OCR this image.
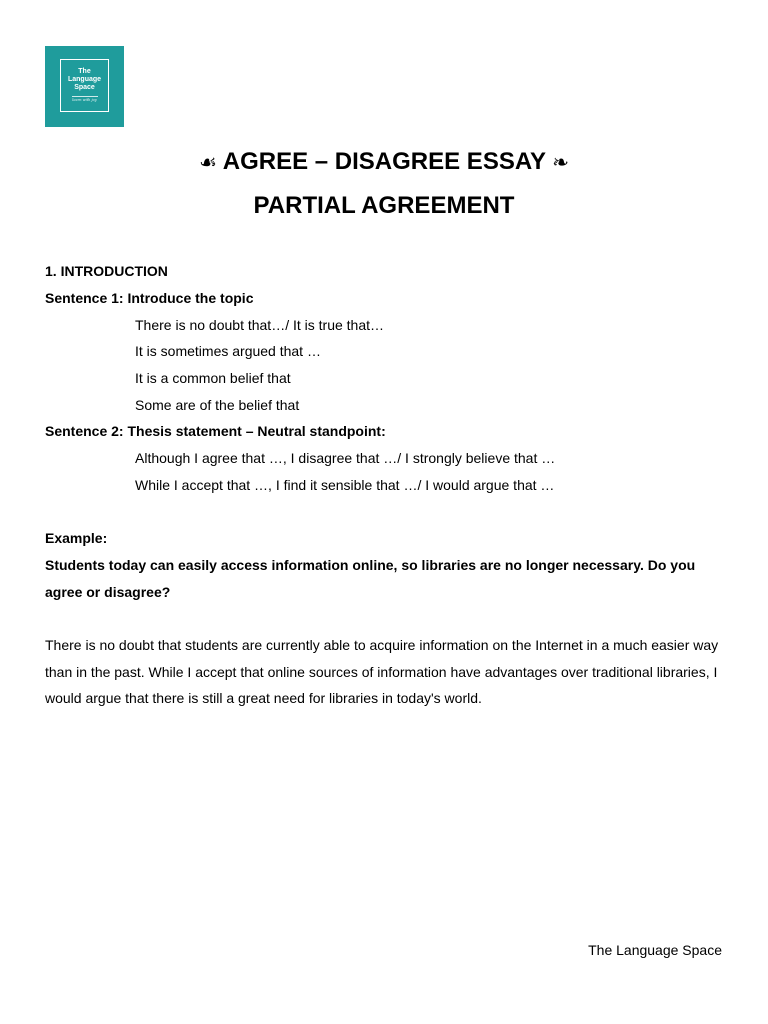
The
Language
Space
learn with joy
☙ AGREE – DISAGREE ESSAY ❧
PARTIAL AGREEMENT
1. INTRODUCTION
Sentence 1: Introduce the topic
There is no doubt that…/ It is true that…
It is sometimes argued that …
It is a common belief that
Some are of the belief that
Sentence 2: Thesis statement – Neutral standpoint:
Although I agree that …, I disagree that …/ I strongly believe that …
While I accept that …, I find it sensible that …/ I would argue that …
Example:
Students today can easily access information online, so libraries are no longer necessary. Do you agree or disagree?
There is no doubt that students are currently able to acquire information on the Internet in a much easier way than in the past. While I accept that online sources of information have advantages over traditional libraries, I would argue that there is still a great need for libraries in today's world.
The Language Space
